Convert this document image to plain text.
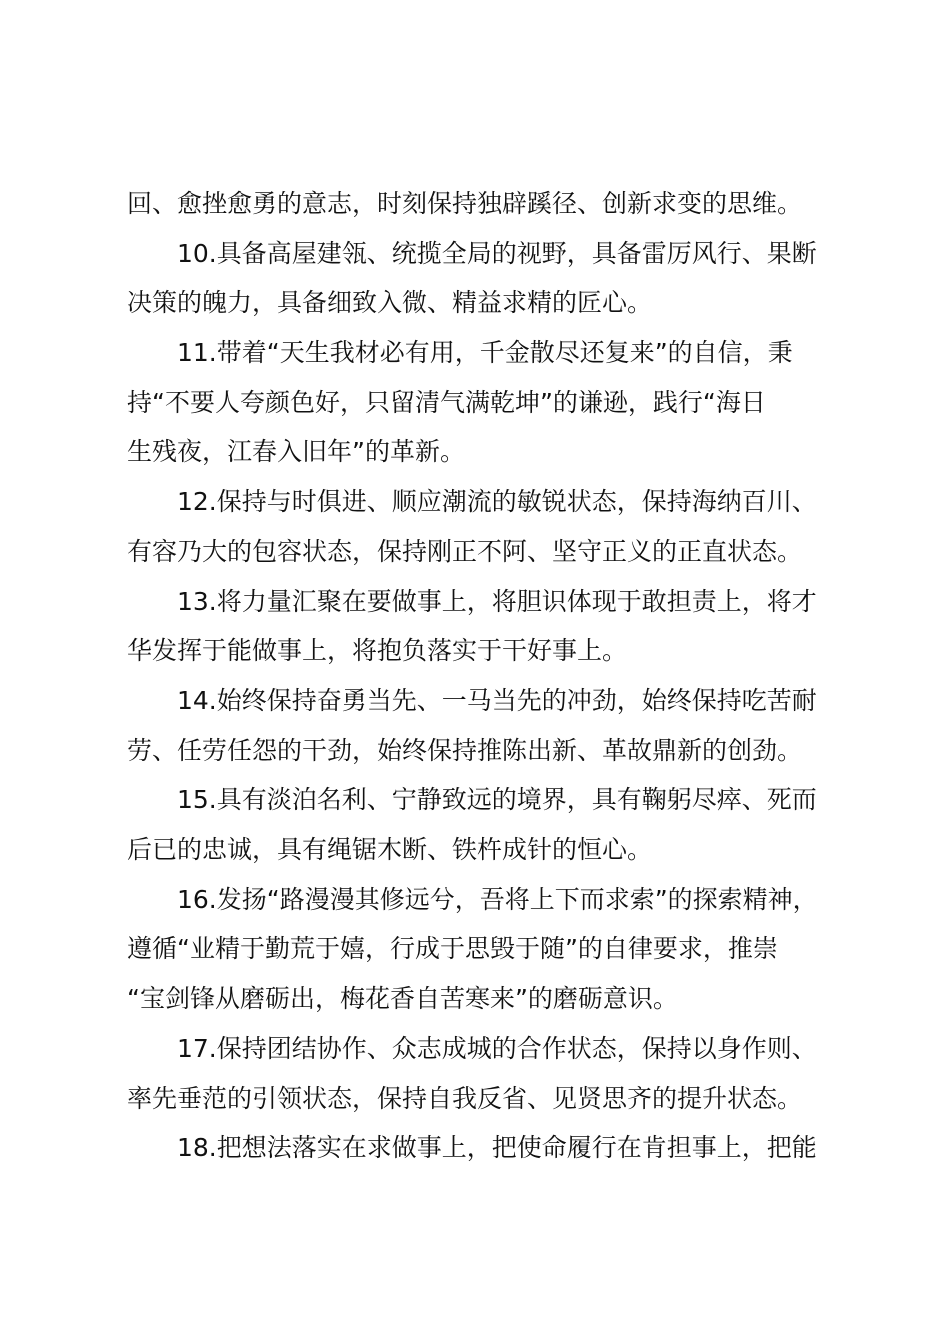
回、愈挫愈勇的意志，时刻保持独辟蹊径、创新求变的思维。
10.具备高屋建瓴、统揽全局的视野，具备雷厉风行、果断
决策的魄力，具备细致入微、精益求精的匠心。
11.带着“天生我材必有用，千金散尽还复来”的自信，秉
持“不要人夸颜色好，只留清气满乾坤”的谦逊，践行“海日
生残夜，江春入旧年”的革新。
12.保持与时俱进、顺应潮流的敏锐状态，保持海纳百川、
有容乃大的包容状态，保持刚正不阿、坚守正义的正直状态。
13.将力量汇聚在要做事上，将胆识体现于敢担责上，将才
华发挥于能做事上，将抱负落实于干好事上。
14.始终保持奋勇当先、一马当先的冲劲，始终保持吃苦耐
劳、任劳任怨的干劲，始终保持推陈出新、革故鼎新的创劲。
15.具有淡泊名利、宁静致远的境界，具有鞠躬尽瘁、死而
后已的忠诚，具有绳锯木断、铁杵成针的恒心。
16.发扬“路漫漫其修远兮，吾将上下而求索”的探索精神，
遵循“业精于勤荒于嬉，行成于思毁于随”的自律要求，推崇
“宝剑锋从磨砺出，梅花香自苦寒来”的磨砺意识。
17.保持团结协作、众志成城的合作状态，保持以身作则、
率先垂范的引领状态，保持自我反省、见贤思齐的提升状态。
18.把想法落实在求做事上，把使命履行在肯担事上，把能
